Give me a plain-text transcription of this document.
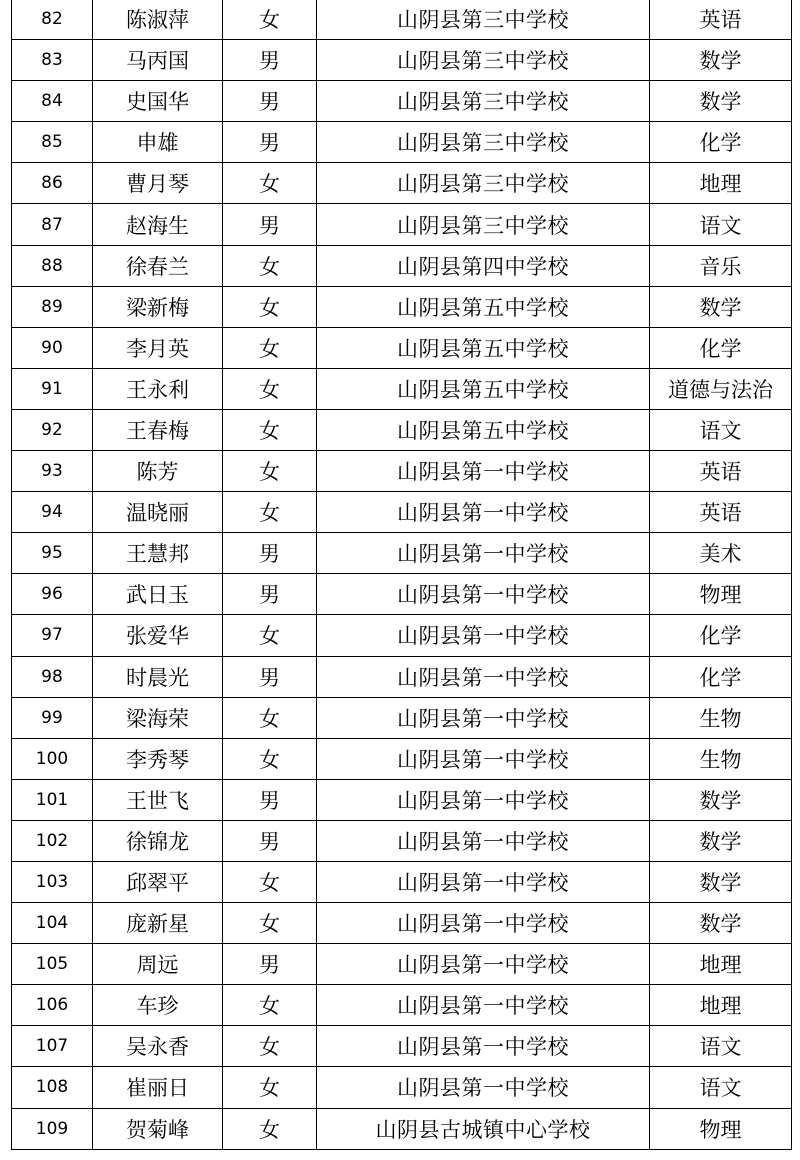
82	陈淑萍	女	山阴县第三中学校	英语
83	马丙国	男	山阴县第三中学校	数学
84	史国华	男	山阴县第三中学校	数学
85	申雄	男	山阴县第三中学校	化学
86	曹月琴	女	山阴县第三中学校	地理
87	赵海生	男	山阴县第三中学校	语文
88	徐春兰	女	山阴县第四中学校	音乐
89	梁新梅	女	山阴县第五中学校	数学
90	李月英	女	山阴县第五中学校	化学
91	王永利	女	山阴县第五中学校	道德与法治
92	王春梅	女	山阴县第五中学校	语文
93	陈芳	女	山阴县第一中学校	英语
94	温晓丽	女	山阴县第一中学校	英语
95	王慧邦	男	山阴县第一中学校	美术
96	武日玉	男	山阴县第一中学校	物理
97	张爱华	女	山阴县第一中学校	化学
98	时晨光	男	山阴县第一中学校	化学
99	梁海荣	女	山阴县第一中学校	生物
100	李秀琴	女	山阴县第一中学校	生物
101	王世飞	男	山阴县第一中学校	数学
102	徐锦龙	男	山阴县第一中学校	数学
103	邱翠平	女	山阴县第一中学校	数学
104	庞新星	女	山阴县第一中学校	数学
105	周远	男	山阴县第一中学校	地理
106	车珍	女	山阴县第一中学校	地理
107	吴永香	女	山阴县第一中学校	语文
108	崔丽日	女	山阴县第一中学校	语文
109	贺菊峰	女	山阴县古城镇中心学校	物理
